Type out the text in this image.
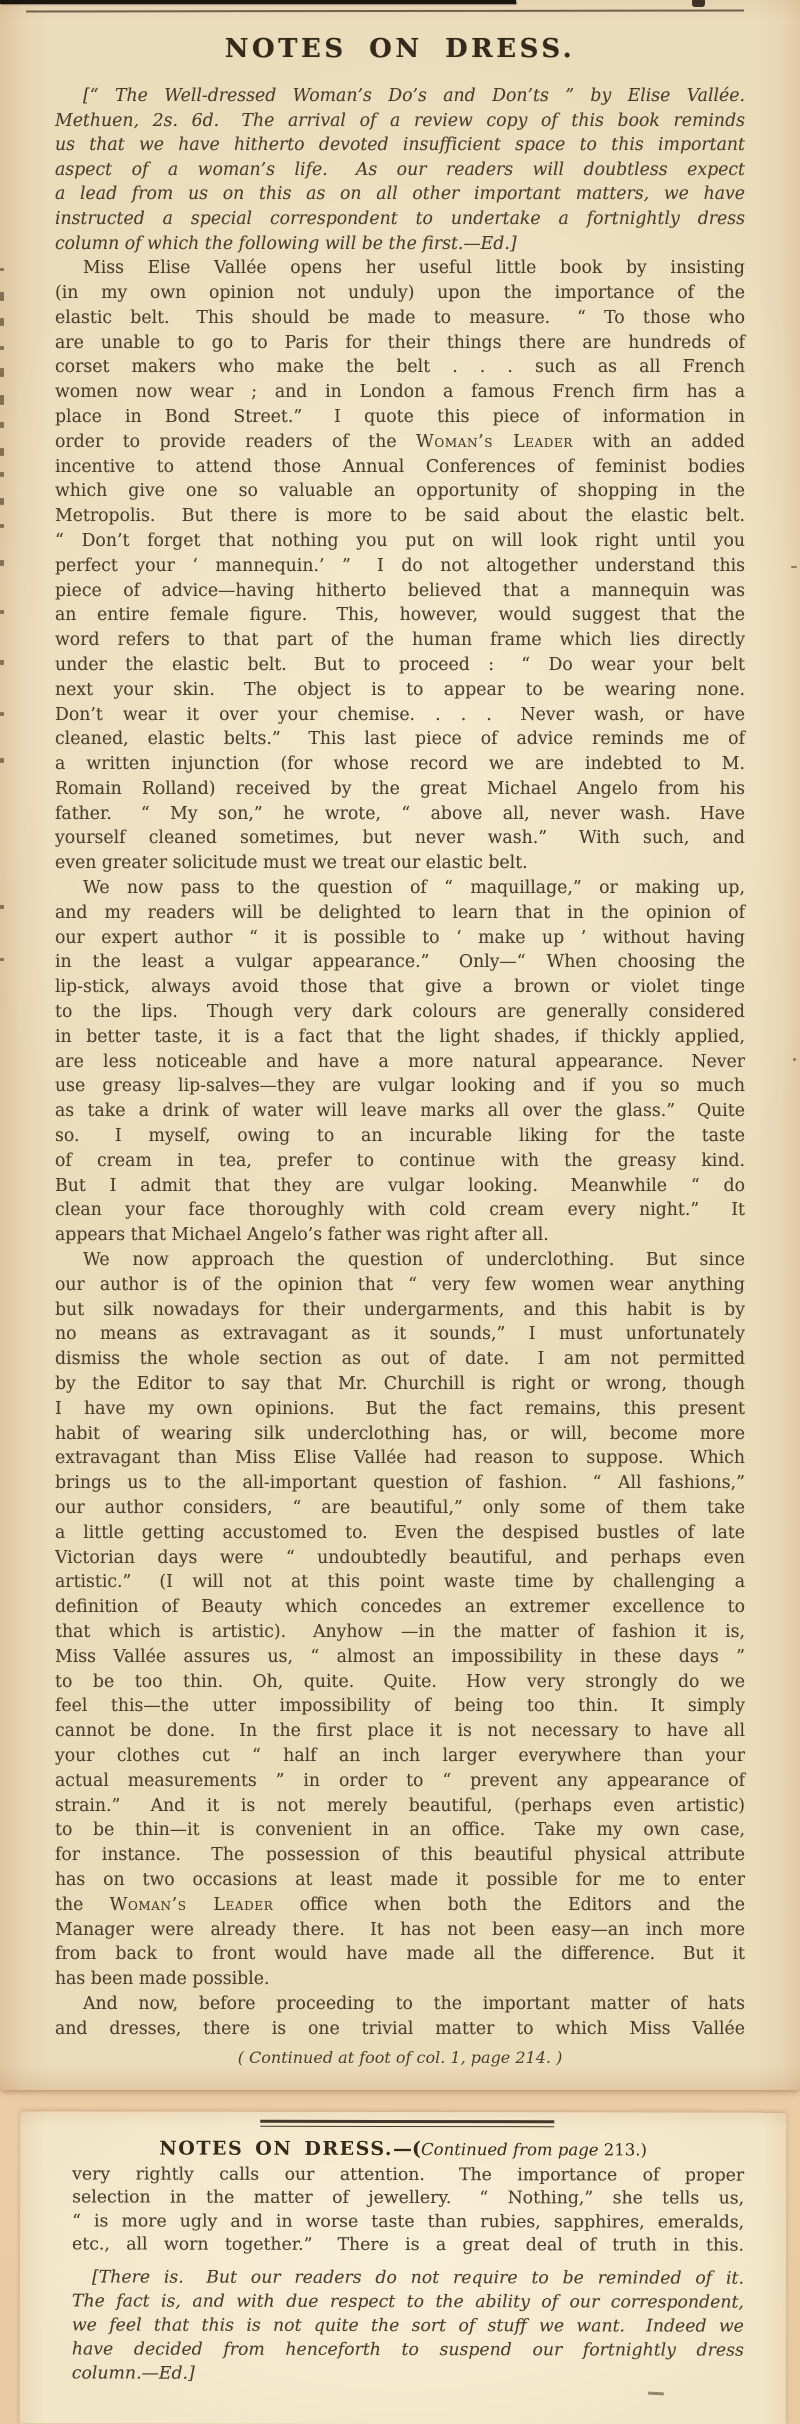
NOTES ON DRESS.
[“ The Well-dressed Woman’s Do’s and Don’ts ” by Elise Vallée.
Methuen, 2s. 6d.  The arrival of a review copy of this book reminds
us that we have hitherto devoted insufficient space to this important
aspect of a woman’s life.  As our readers will doubtless expect
a lead from us on this as on all other important matters, we have
instructed a special correspondent to undertake a fortnightly dress
column of which the following will be the first.—Ed.]
Miss Elise Vallée opens her useful little book by insisting
(in my own opinion not unduly) upon the importance of the
elastic belt.  This should be made to measure.  “ To those who
are unable to go to Paris for their things there are hundreds of
corset makers who make the belt . . . such as all French
women now wear ; and in London a famous French firm has a
place in Bond Street.”  I quote this piece of information in
order to provide readers of the Woman’s Leader with an added
incentive to attend those Annual Conferences of feminist bodies
which give one so valuable an opportunity of shopping in the
Metropolis.  But there is more to be said about the elastic belt.
“ Don’t forget that nothing you put on will look right until you
perfect your ‘ mannequin.’ ”  I do not altogether understand this
piece of advice—having hitherto believed that a mannequin was
an entire female figure.  This, however, would suggest that the
word refers to that part of the human frame which lies directly
under the elastic belt.  But to proceed :  “ Do wear your belt
next your skin.  The object is to appear to be wearing none.
Don’t wear it over your chemise. . . .  Never wash, or have
cleaned, elastic belts.”  This last piece of advice reminds me of
a written injunction (for whose record we are indebted to M.
Romain Rolland) received by the great Michael Angelo from his
father.  “ My son,” he wrote, “ above all, never wash.  Have
yourself cleaned sometimes, but never wash.”  With such, and
even greater solicitude must we treat our elastic belt.
We now pass to the question of “ maquillage,” or making up,
and my readers will be delighted to learn that in the opinion of
our expert author “ it is possible to ‘ make up ’ without having
in the least a vulgar appearance.”  Only—“ When choosing the
lip-stick, always avoid those that give a brown or violet tinge
to the lips.  Though very dark colours are generally considered
in better taste, it is a fact that the light shades, if thickly applied,
are less noticeable and have a more natural appearance.  Never
use greasy lip-salves—they are vulgar looking and if you so much
as take a drink of water will leave marks all over the glass.”  Quite
so.  I myself, owing to an incurable liking for the taste
of cream in tea, prefer to continue with the greasy kind.
But I admit that they are vulgar looking.  Meanwhile “ do
clean your face thoroughly with cold cream every night.”  It
appears that Michael Angelo’s father was right after all.
We now approach the question of underclothing.  But since
our author is of the opinion that “ very few women wear anything
but silk nowadays for their undergarments, and this habit is by
no means as extravagant as it sounds,” I must unfortunately
dismiss the whole section as out of date.  I am not permitted
by the Editor to say that Mr. Churchill is right or wrong, though
I have my own opinions.  But the fact remains, this present
habit of wearing silk underclothing has, or will, become more
extravagant than Miss Elise Vallée had reason to suppose.  Which
brings us to the all-important question of fashion.  “ All fashions,”
our author considers, “ are beautiful,” only some of them take
a little getting accustomed to.  Even the despised bustles of late
Victorian days were “ undoubtedly beautiful, and perhaps even
artistic.”  (I will not at this point waste time by challenging a
definition of Beauty which concedes an extremer excellence to
that which is artistic).  Anyhow —in the matter of fashion it is,
Miss Vallée assures us, “ almost an impossibility in these days ”
to be too thin.  Oh, quite.  Quite.  How very strongly do we
feel this—the utter impossibility of being too thin.  It simply
cannot be done.  In the first place it is not necessary to have all
your clothes cut “ half an inch larger everywhere than your
actual measurements ” in order to “ prevent any appearance of
strain.”  And it is not merely beautiful, (perhaps even artistic)
to be thin—it is convenient in an office.  Take my own case,
for instance.  The possession of this beautiful physical attribute
has on two occasions at least made it possible for me to enter
the Woman’s Leader office when both the Editors and the
Manager were already there.  It has not been easy—an inch more
from back to front would have made all the difference.  But it
has been made possible.
And now, before proceeding to the important matter of hats
and dresses, there is one trivial matter to which Miss Vallée
( Continued at foot of col. 1, page 214. )
NOTES ON DRESS.—(Continued from page 213.)
very rightly calls our attention.  The importance of proper
selection in the matter of jewellery.  “ Nothing,” she tells us,
“ is more ugly and in worse taste than rubies, sapphires, emeralds,
etc., all worn together.”  There is a great deal of truth in this.
[There is.  But our readers do not require to be reminded of it.
The fact is, and with due respect to the ability of our correspondent,
we feel that this is not quite the sort of stuff we want.  Indeed we
have decided from henceforth to suspend our fortnightly dress
column.—Ed.]
